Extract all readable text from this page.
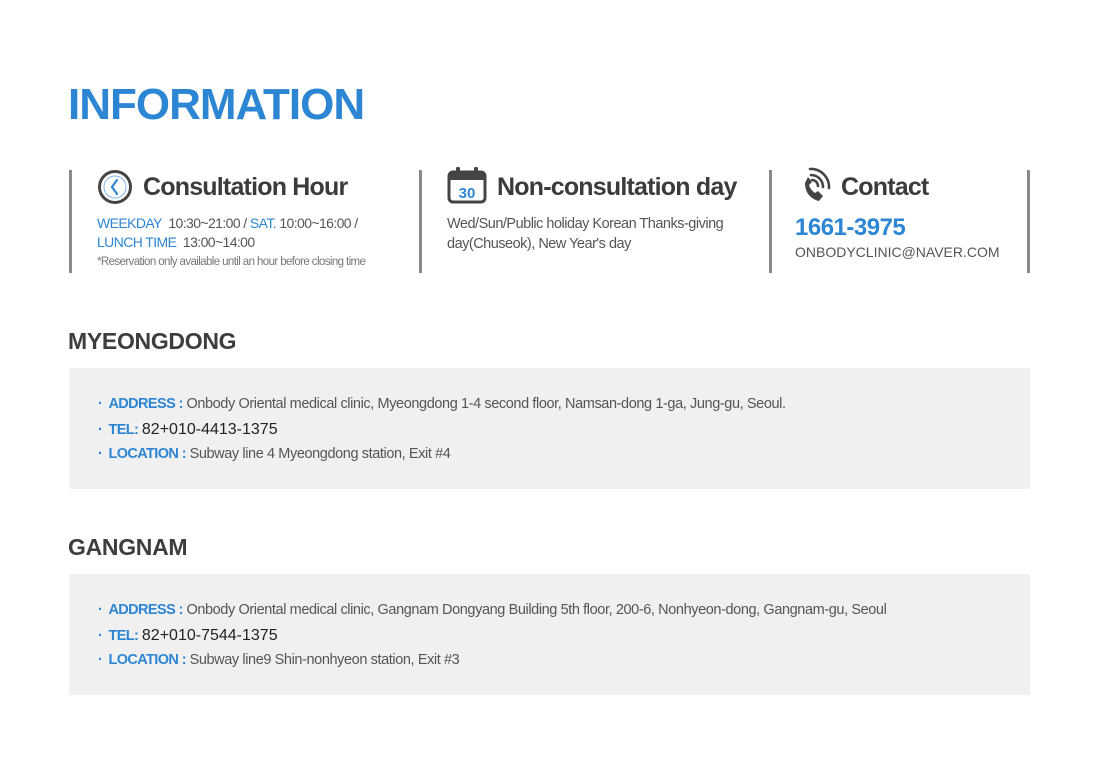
INFORMATION
Consultation Hour
WEEKDAY 10:30~21:00 / SAT. 10:00~16:00 /
LUNCH TIME 13:00~14:00
*Reservation only available until an hour before closing time
30 Non-consultation day
Wed/Sun/Public holiday Korean Thanks-giving day(Chuseok), New Year's day
Contact
1661-3975
ONBODYCLINIC@NAVER.COM
MYEONGDONG
· ADDRESS : Onbody Oriental medical clinic, Myeongdong 1-4 second floor, Namsan-dong 1-ga, Jung-gu, Seoul.
· TEL: 82+010-4413-1375
· LOCATION : Subway line 4 Myeongdong station, Exit #4
GANGNAM
· ADDRESS : Onbody Oriental medical clinic, Gangnam Dongyang Building 5th floor, 200-6, Nonhyeon-dong, Gangnam-gu, Seoul
· TEL: 82+010-7544-1375
· LOCATION : Subway line9 Shin-nonhyeon station, Exit #3
